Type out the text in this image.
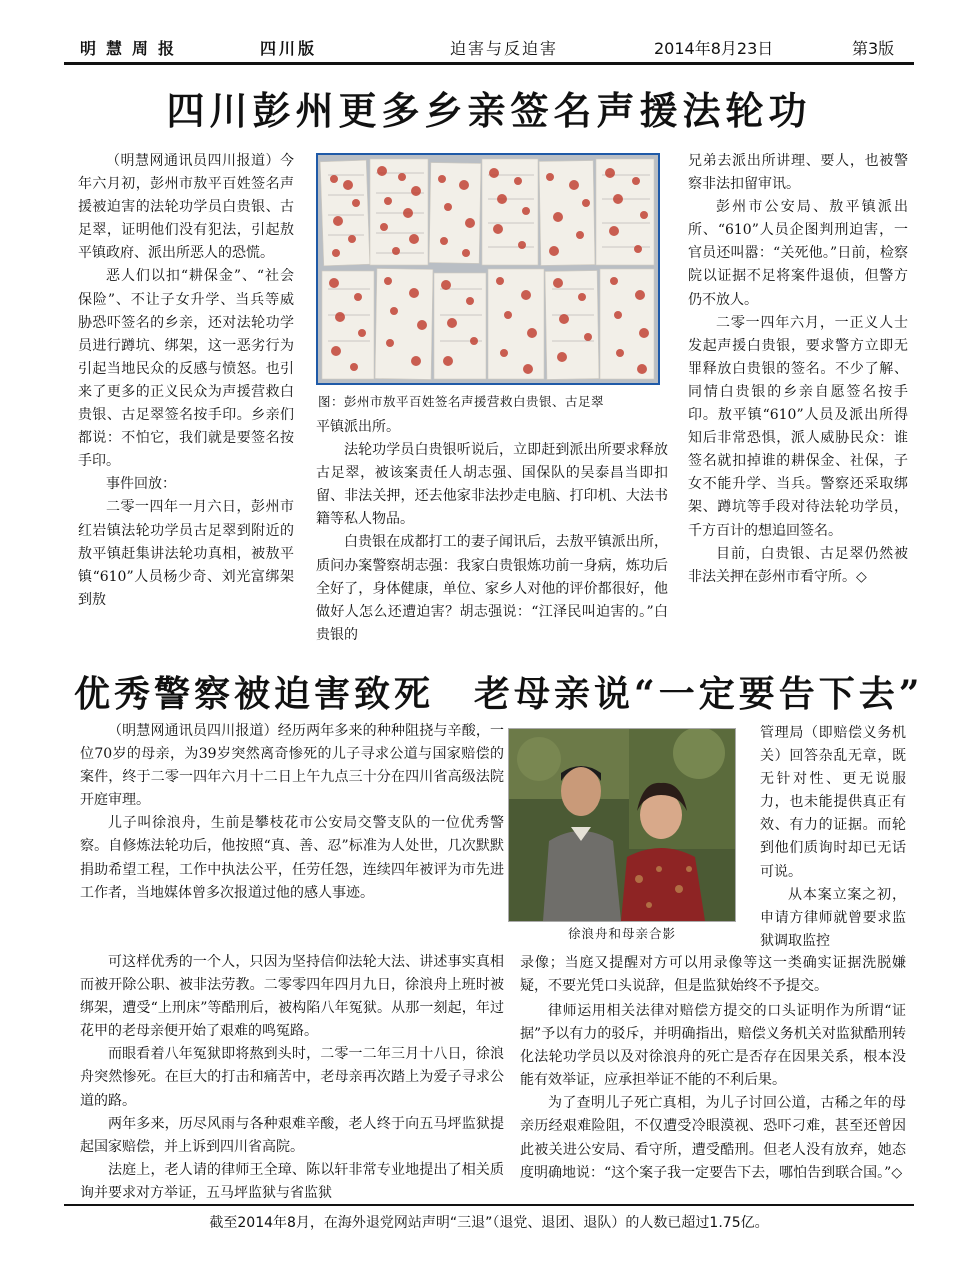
明慧周报	四川版	迫害与反迫害	2014年8月23日	第3版
四川彭州更多乡亲签名声援法轮功

（明慧网通讯员四川报道）今年六月初，彭州市敖平百姓签名声援被迫害的法轮功学员白贵银、古足翠，证明他们没有犯法，引起敖平镇政府、派出所恶人的恐慌。

恶人们以扣“耕保金”、“社会保险”、不让子女升学、当兵等威胁恐吓签名的乡亲，还对法轮功学员进行蹲坑、绑架，这一恶劣行为引起当地民众的反感与愤怒。也引来了更多的正义民众为声援营救白贵银、古足翠签名按手印。乡亲们都说：不怕它，我们就是要签名按手印。

事件回放：

二零一四年一月六日，彭州市红岩镇法轮功学员古足翠到附近的敖平镇赶集讲法轮功真相，被敖平镇“610”人员杨少奇、刘光富绑架到敖

图：彭州市敖平百姓签名声援营救白贵银、古足翠

平镇派出所。

法轮功学员白贵银听说后，立即赶到派出所要求释放古足翠，被该案责任人胡志强、国保队的吴泰昌当即扣留、非法关押，还去他家非法抄走电脑、打印机、大法书籍等私人物品。

白贵银在成都打工的妻子闻讯后，去敖平镇派出所，质问办案警察胡志强：我家白贵银炼功前一身病，炼功后全好了，身体健康，单位、家乡人对他的评价都很好，他做好人怎么还遭迫害？胡志强说：“江泽民叫迫害的。”白贵银的

兄弟去派出所讲理、要人，也被警察非法扣留审讯。

彭州市公安局、敖平镇派出所、“610”人员企图判刑迫害，一官员还叫嚣：“关死他。”日前，检察院以证据不足将案件退侦，但警方仍不放人。

二零一四年六月，一正义人士发起声援白贵银，要求警方立即无罪释放白贵银的签名。不少了解、同情白贵银的乡亲自愿签名按手印。敖平镇“610”人员及派出所得知后非常恐惧，派人威胁民众：谁签名就扣掉谁的耕保金、社保，子女不能升学、当兵。警察还采取绑架、蹲坑等手段对待法轮功学员，千方百计的想追回签名。

目前，白贵银、古足翠仍然被非法关押在彭州市看守所。◇

优秀警察被迫害致死 老母亲说“一定要告下去”

（明慧网通讯员四川报道）经历两年多来的种种阻挠与辛酸，一位70岁的母亲，为39岁突然离奇惨死的儿子寻求公道与国家赔偿的案件，终于二零一四年六月十二日上午九点三十分在四川省高级法院开庭审理。

儿子叫徐浪舟，生前是攀枝花市公安局交警支队的一位优秀警察。自修炼法轮功后，他按照“真、善、忍”标准为人处世，几次默默捐助希望工程，工作中执法公平，任劳任怨，连续四年被评为市先进工作者，当地媒体曾多次报道过他的感人事迹。

徐浪舟和母亲合影

管理局（即赔偿义务机关）回答杂乱无章，既无针对性、更无说服力，也未能提供真正有效、有力的证据。而轮到他们质询时却已无话可说。

从本案立案之初，申请方律师就曾要求监狱调取监控

录像；当庭又提醒对方可以用录像等这一类确实证据洗脱嫌疑，不要光凭口头说辞，但是监狱始终不予提交。

截至2014年8月，在海外退党网站声明“三退”（退党、退团、退队）的人数已超过1.75亿。

可这样优秀的一个人，只因为坚持信仰法轮大法、讲述事实真相而被开除公职、被非法劳教。二零零四年四月九日，徐浪舟上班时被绑架，遭受“上刑床”等酷刑后，被构陷八年冤狱。从那一刻起，年过花甲的老母亲便开始了艰难的鸣冤路。

而眼看着八年冤狱即将熬到头时，二零一二年三月十八日，徐浪舟突然惨死。在巨大的打击和痛苦中，老母亲再次踏上为爱子寻求公道的路。

两年多来，历尽风雨与各种艰难辛酸，老人终于向五马坪监狱提起国家赔偿，并上诉到四川省高院。

法庭上，老人请的律师王全璋、陈以轩非常专业地提出了相关质询并要求对方举证，五马坪监狱与省监狱

律师运用相关法律对赔偿方提交的口头证明作为所谓“证据”予以有力的驳斥，并明确指出，赔偿义务机关对监狱酷刑转化法轮功学员以及对徐浪舟的死亡是否存在因果关系，根本没能有效举证，应承担举证不能的不利后果。

为了查明儿子死亡真相，为儿子讨回公道，古稀之年的母亲历经艰难险阻，不仅遭受冷眼漠视、恐吓刁难，甚至还曾因此被关进公安局、看守所，遭受酷刑。但老人没有放弃，她态度明确地说：“这个案子我一定要告下去，哪怕告到联合国。”◇
